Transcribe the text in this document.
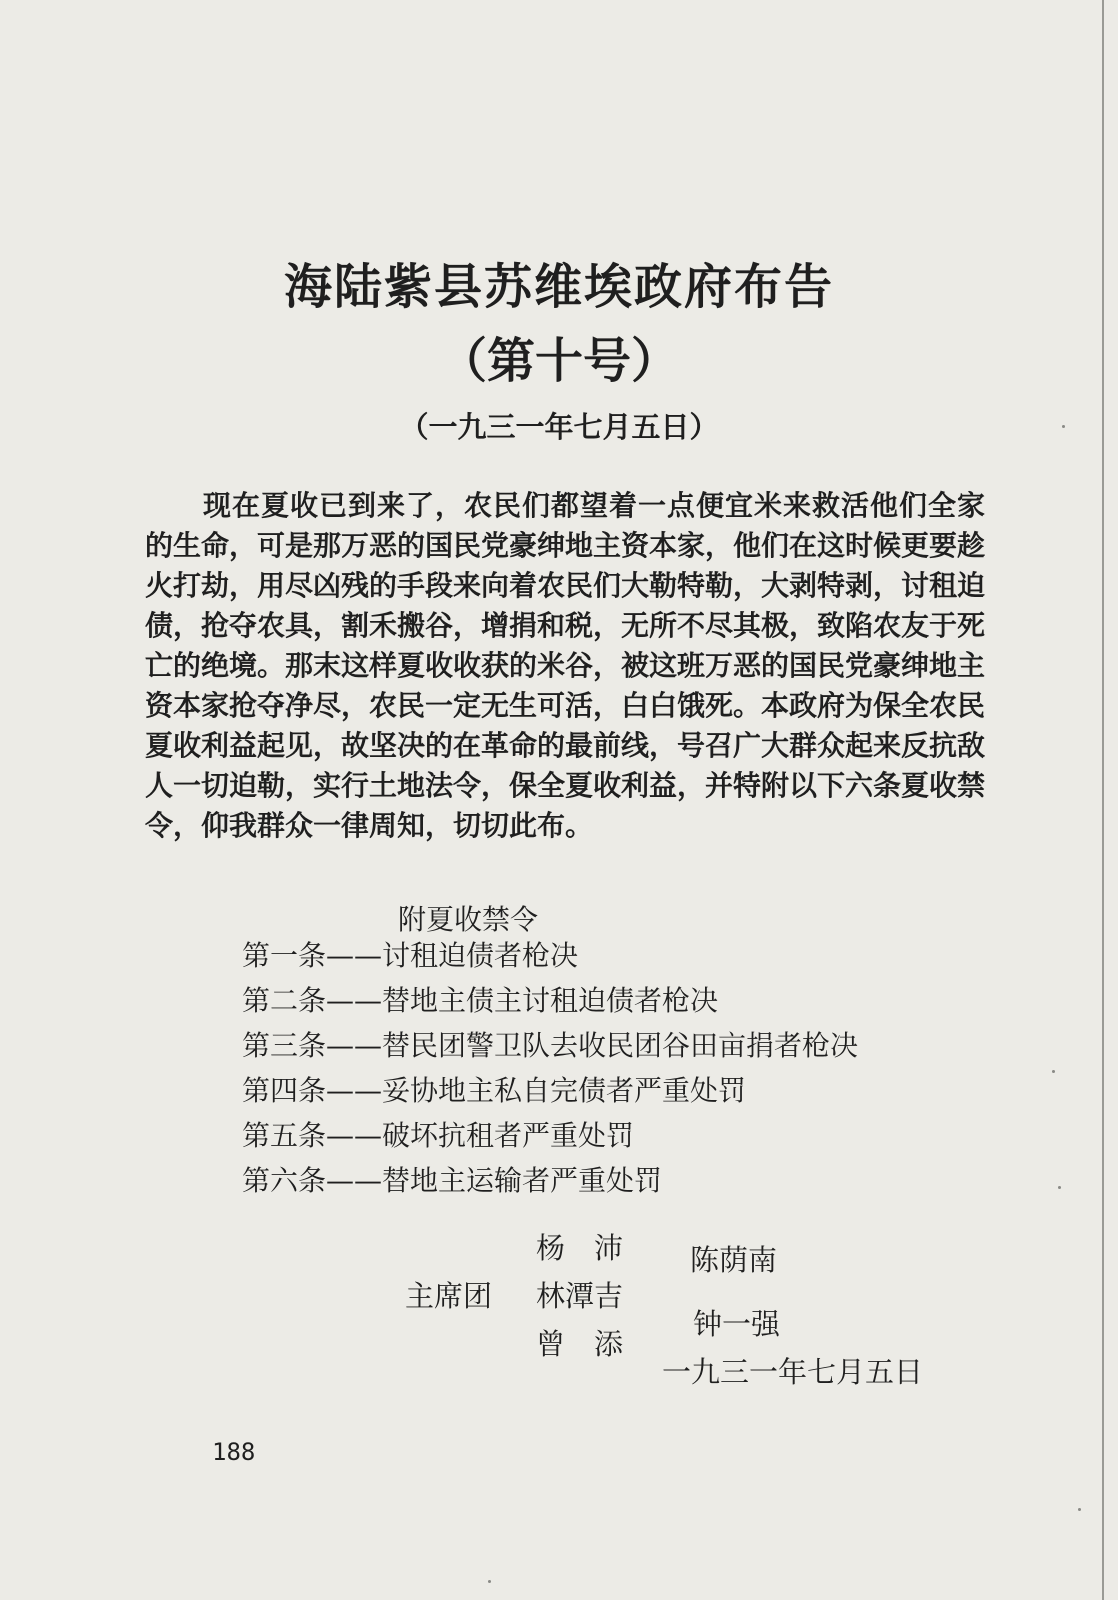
海陆紫县苏维埃政府布告
（第十号）
（一九三一年七月五日）

现在夏收已到来了，农民们都望着一点便宜米来救活他们全家的生命，可是那万恶的国民党豪绅地主资本家，他们在这时候更要趁火打劫，用尽凶残的手段来向着农民们大勒特勒，大剥特剥，讨租迫债，抢夺农具，割禾搬谷，增捐和税，无所不尽其极，致陷农友于死亡的绝境。那末这样夏收收获的米谷，被这班万恶的国民党豪绅地主资本家抢夺净尽，农民一定无生可活，白白饿死。本政府为保全农民夏收利益起见，故坚决的在革命的最前线，号召广大群众起来反抗敌人一切迫勒，实行土地法令，保全夏收利益，并特附以下六条夏收禁令，仰我群众一律周知，切切此布。

附夏收禁令
第一条——讨租迫债者枪决
第二条——替地主债主讨租迫债者枪决
第三条——替民团警卫队去收民团谷田亩捐者枪决
第四条——妥协地主私自完债者严重处罚
第五条——破坏抗租者严重处罚
第六条——替地主运输者严重处罚
杨　沛
主席团 林潭吉
曾　添
陈荫南
钟一强
一九三一年七月五日
188
